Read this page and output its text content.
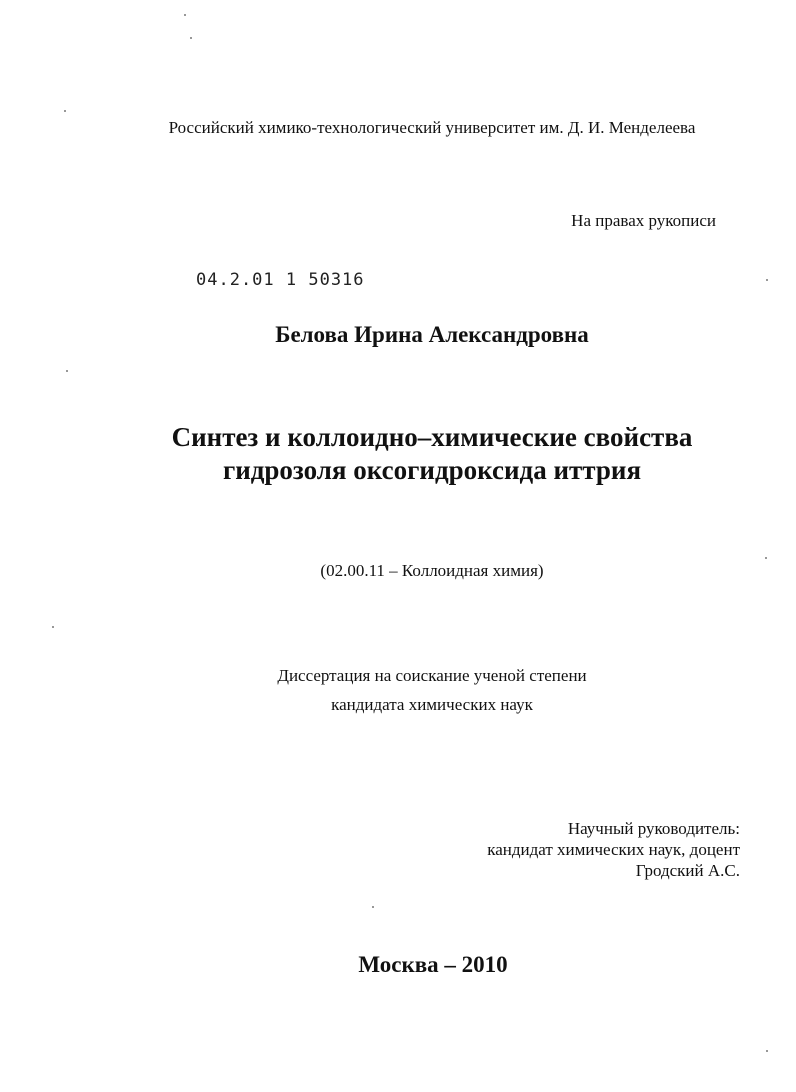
Российский химико-технологический университет им. Д. И. Менделеева
На правах рукописи
04.2.01 1 50316
Белова Ирина Александровна
Синтез и коллоидно–химические свойства
гидрозоля оксогидроксида иттрия
(02.00.11 – Коллоидная химия)
Диссертация на соискание ученой степени
кандидата химических наук
Научный руководитель:
кандидат химических наук, доцент
Гродский А.С.
Москва – 2010
